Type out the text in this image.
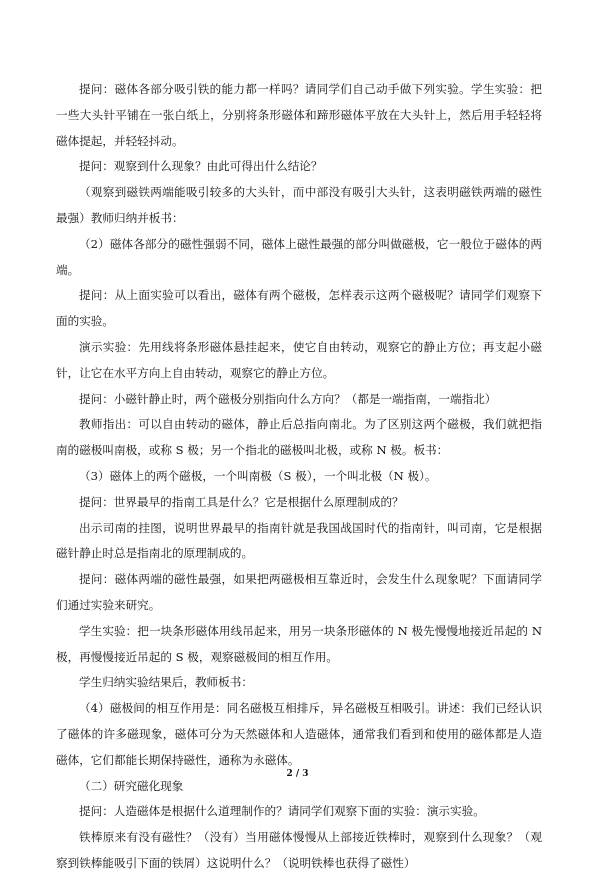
提问：磁体各部分吸引铁的能力都一样吗？请同学们自己动手做下列实验。学生实验：把一些大头针平铺在一张白纸上，分别将条形磁体和蹄形磁体平放在大头针上，然后用手轻轻将磁体提起，并轻轻抖动。

提问：观察到什么现象？由此可得出什么结论？

（观察到磁铁两端能吸引较多的大头针，而中部没有吸引大头针，这表明磁铁两端的磁性最强）教师归纳并板书：

（2）磁体各部分的磁性强弱不同，磁体上磁性最强的部分叫做磁极，它一般位于磁体的两端。

提问：从上面实验可以看出，磁体有两个磁极，怎样表示这两个磁极呢？请同学们观察下面的实验。

演示实验：先用线将条形磁体悬挂起来，使它自由转动，观察它的静止方位；再支起小磁针，让它在水平方向上自由转动，观察它的静止方位。

提问：小磁针静止时，两个磁极分别指向什么方向？（都是一端指南，一端指北）

教师指出：可以自由转动的磁体，静止后总指向南北。为了区别这两个磁极，我们就把指南的磁极叫南极，或称 S 极；另一个指北的磁极叫北极，或称 N 极。板书：

（3）磁体上的两个磁极，一个叫南极（S 极），一个叫北极（N 极）。

提问：世界最早的指南工具是什么？它是根据什么原理制成的？

出示司南的挂图，说明世界最早的指南针就是我国战国时代的指南针，叫司南，它是根据磁针静止时总是指南北的原理制成的。

提问：磁体两端的磁性最强，如果把两磁极相互靠近时，会发生什么现象呢？下面请同学们通过实验来研究。

学生实验：把一块条形磁体用线吊起来，用另一块条形磁体的 N 极先慢慢地接近吊起的 N 极，再慢慢接近吊起的 S 极，观察磁极间的相互作用。

学生归纳实验结果后，教师板书：

（4）磁极间的相互作用是：同名磁极互相排斥，异名磁极互相吸引。讲述：我们已经认识了磁体的许多磁现象，磁体可分为天然磁体和人造磁体，通常我们看到和使用的磁体都是人造磁体，它们都能长期保持磁性，通称为永磁体。

（二）研究磁化现象

提问：人造磁体是根据什么道理制作的？请同学们观察下面的实验：演示实验。

铁棒原来有没有磁性？（没有）当用磁体慢慢从上部接近铁棒时，观察到什么现象？（观察到铁棒能吸引下面的铁屑）这说明什么？（说明铁棒也获得了磁性）

2 / 3
